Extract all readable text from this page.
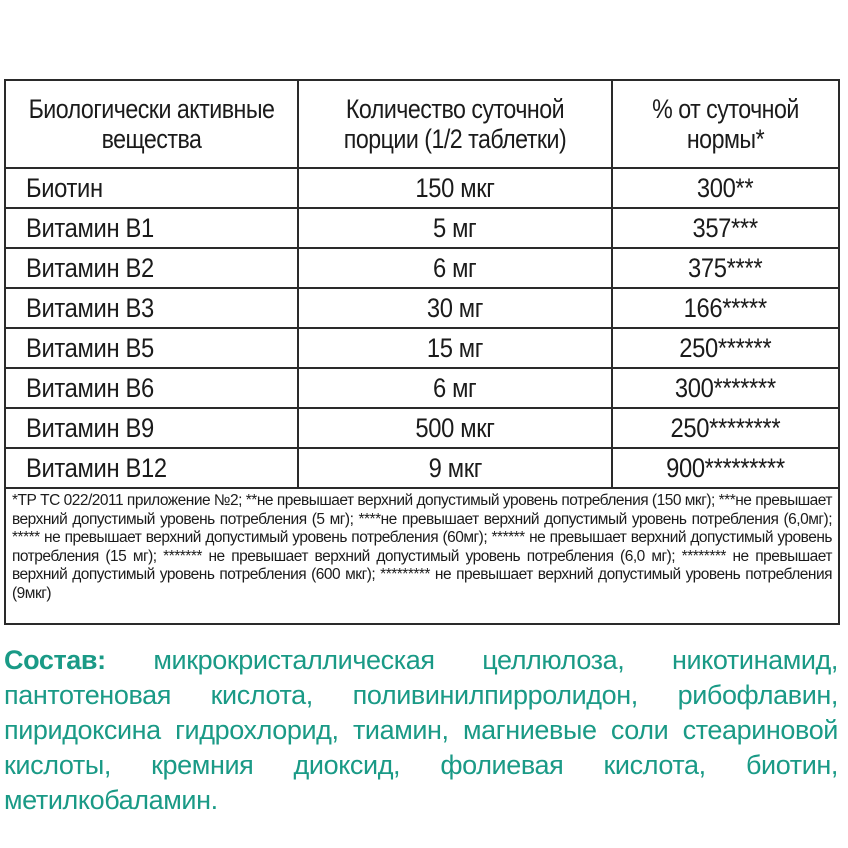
Биологически активные вещества	Количество суточной порции (1/2 таблетки)	% от суточной нормы*
Биотин	150 мкг	300**
Витамин B1	5 мг	357***
Витамин B2	6 мг	375****
Витамин B3	30 мг	166*****
Витамин B5	15 мг	250******
Витамин B6	6 мг	300*******
Витамин B9	500 мкг	250********
Витамин B12	9 мкг	900*********
*ТР ТС 022/2011 приложение №2; **не превышает верхний допустимый уровень потребления (150 мкг); ***не превышает верхний допустимый уровень потребления (5 мг); ****не превышает верхний допустимый уровень потребления (6,0мг); ***** не превышает верхний допустимый уровень потребления (60мг); ****** не превышает верхний допустимый уровень потребления (15 мг); ******* не превышает верхний допустимый уровень потребления (6,0 мг); ******** не превышает верхний допустимый уровень потребления (600 мкг); ********* не превышает верхний допустимый уровень потребления (9мкг)		
Состав: микрокристаллическая целлюлоза, никотинамид, пантотеновая кислота, поливинилпирролидон, рибофлавин, пиридоксина гидрохлорид, тиамин, магниевые соли стеариновой кислоты, кремния диоксид, фолиевая кислота, биотин, метилкобаламин.
